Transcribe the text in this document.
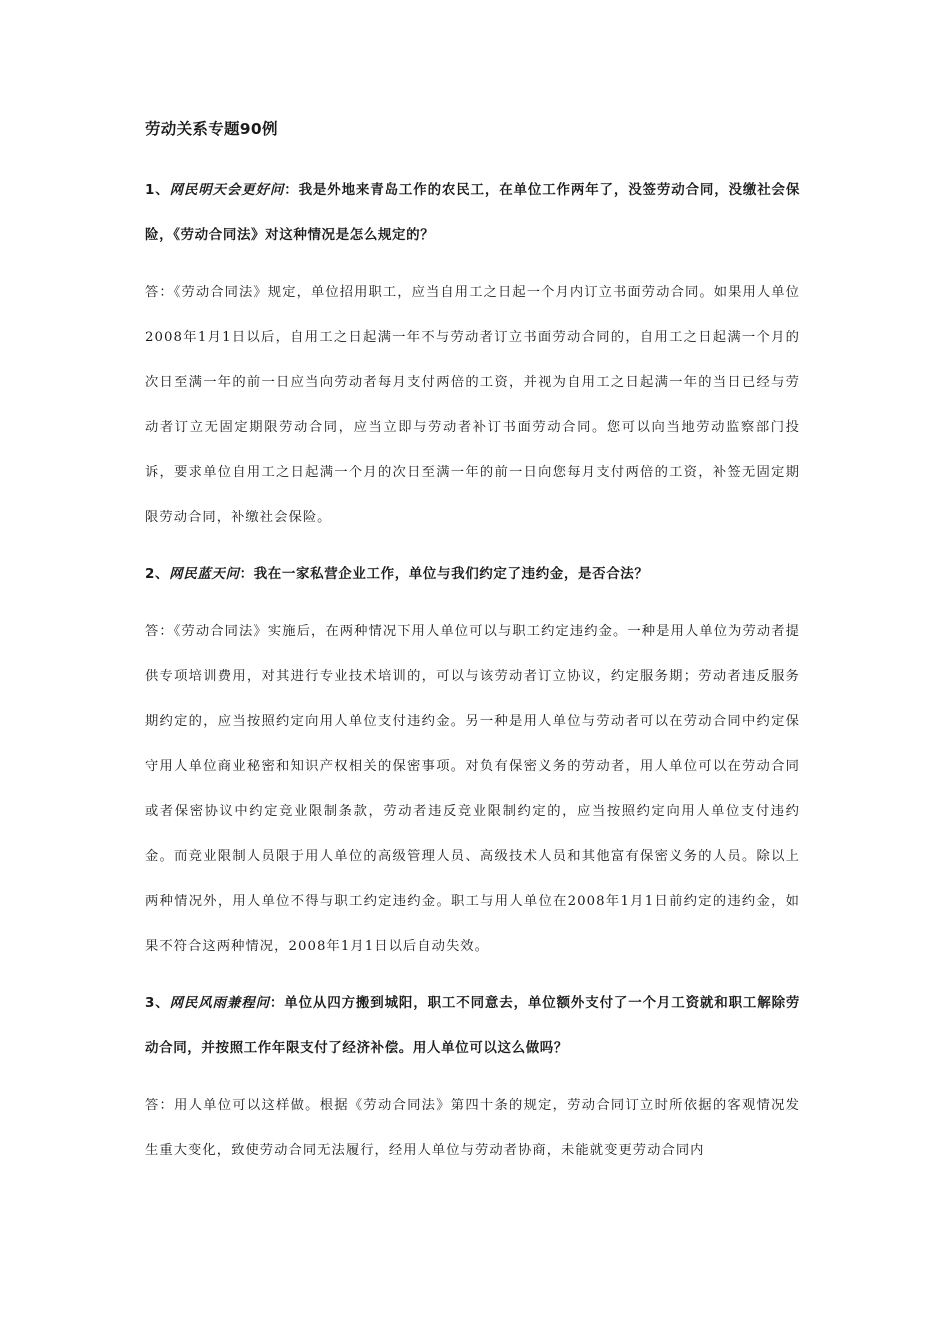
劳动关系专题90例
1、网民明天会更好问：我是外地来青岛工作的农民工，在单位工作两年了，没签劳动合同，没缴社会保险，《劳动合同法》对这种情况是怎么规定的？
答：《劳动合同法》规定，单位招用职工，应当自用工之日起一个月内订立书面劳动合同。如果用人单位2008年1月1日以后，自用工之日起满一年不与劳动者订立书面劳动合同的，自用工之日起满一个月的次日至满一年的前一日应当向劳动者每月支付两倍的工资，并视为自用工之日起满一年的当日已经与劳动者订立无固定期限劳动合同，应当立即与劳动者补订书面劳动合同。您可以向当地劳动监察部门投诉，要求单位自用工之日起满一个月的次日至满一年的前一日向您每月支付两倍的工资，补签无固定期限劳动合同，补缴社会保险。
2、网民蓝天问：我在一家私营企业工作，单位与我们约定了违约金，是否合法？
答：《劳动合同法》实施后，在两种情况下用人单位可以与职工约定违约金。一种是用人单位为劳动者提供专项培训费用，对其进行专业技术培训的，可以与该劳动者订立协议，约定服务期；劳动者违反服务期约定的，应当按照约定向用人单位支付违约金。另一种是用人单位与劳动者可以在劳动合同中约定保守用人单位商业秘密和知识产权相关的保密事项。对负有保密义务的劳动者，用人单位可以在劳动合同或者保密协议中约定竞业限制条款，劳动者违反竞业限制约定的，应当按照约定向用人单位支付违约金。而竞业限制人员限于用人单位的高级管理人员、高级技术人员和其他富有保密义务的人员。除以上两种情况外，用人单位不得与职工约定违约金。职工与用人单位在2008年1月1日前约定的违约金，如果不符合这两种情况，2008年1月1日以后自动失效。
3、网民风雨兼程问：单位从四方搬到城阳，职工不同意去，单位额外支付了一个月工资就和职工解除劳动合同，并按照工作年限支付了经济补偿。用人单位可以这么做吗？
答：用人单位可以这样做。根据《劳动合同法》第四十条的规定，劳动合同订立时所依据的客观情况发生重大变化，致使劳动合同无法履行，经用人单位与劳动者协商，未能就变更劳动合同内
